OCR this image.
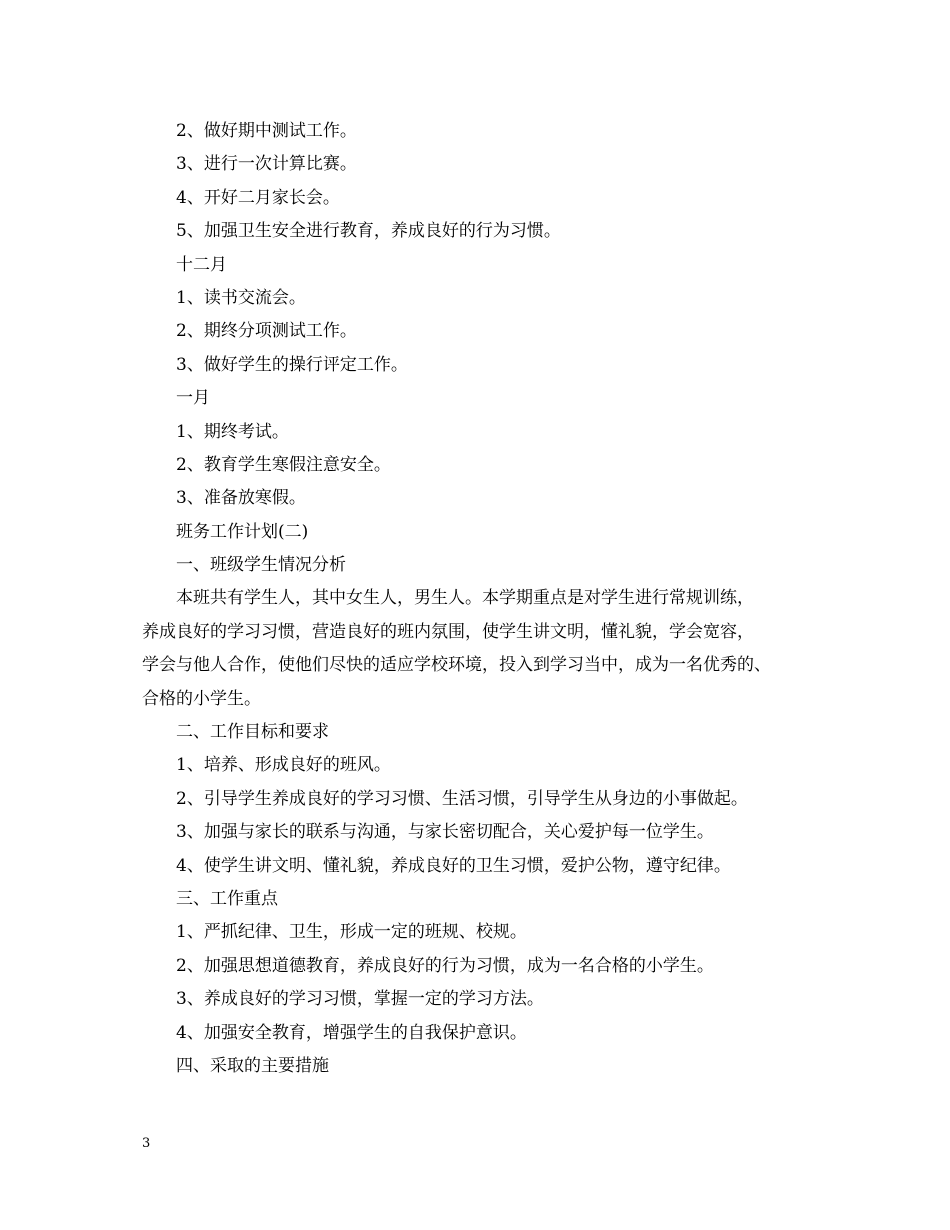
2、做好期中测试工作。

3、进行一次计算比赛。

4、开好二月家长会。

5、加强卫生安全进行教育，养成良好的行为习惯。

十二月

1、读书交流会。

2、期终分项测试工作。

3、做好学生的操行评定工作。

一月

1、期终考试。

2、教育学生寒假注意安全。

3、准备放寒假。

班务工作计划(二)

一、班级学生情况分析

本班共有学生人，其中女生人，男生人。本学期重点是对学生进行常规训练，

养成良好的学习习惯，营造良好的班内氛围，使学生讲文明，懂礼貌，学会宽容，

学会与他人合作，使他们尽快的适应学校环境，投入到学习当中，成为一名优秀的、

合格的小学生。

二、工作目标和要求

1、培养、形成良好的班风。

2、引导学生养成良好的学习习惯、生活习惯，引导学生从身边的小事做起。

3、加强与家长的联系与沟通，与家长密切配合，关心爱护每一位学生。

4、使学生讲文明、懂礼貌，养成良好的卫生习惯，爱护公物，遵守纪律。

三、工作重点

1、严抓纪律、卫生，形成一定的班规、校规。

2、加强思想道德教育，养成良好的行为习惯，成为一名合格的小学生。

3、养成良好的学习习惯，掌握一定的学习方法。

4、加强安全教育，增强学生的自我保护意识。

四、采取的主要措施

3
